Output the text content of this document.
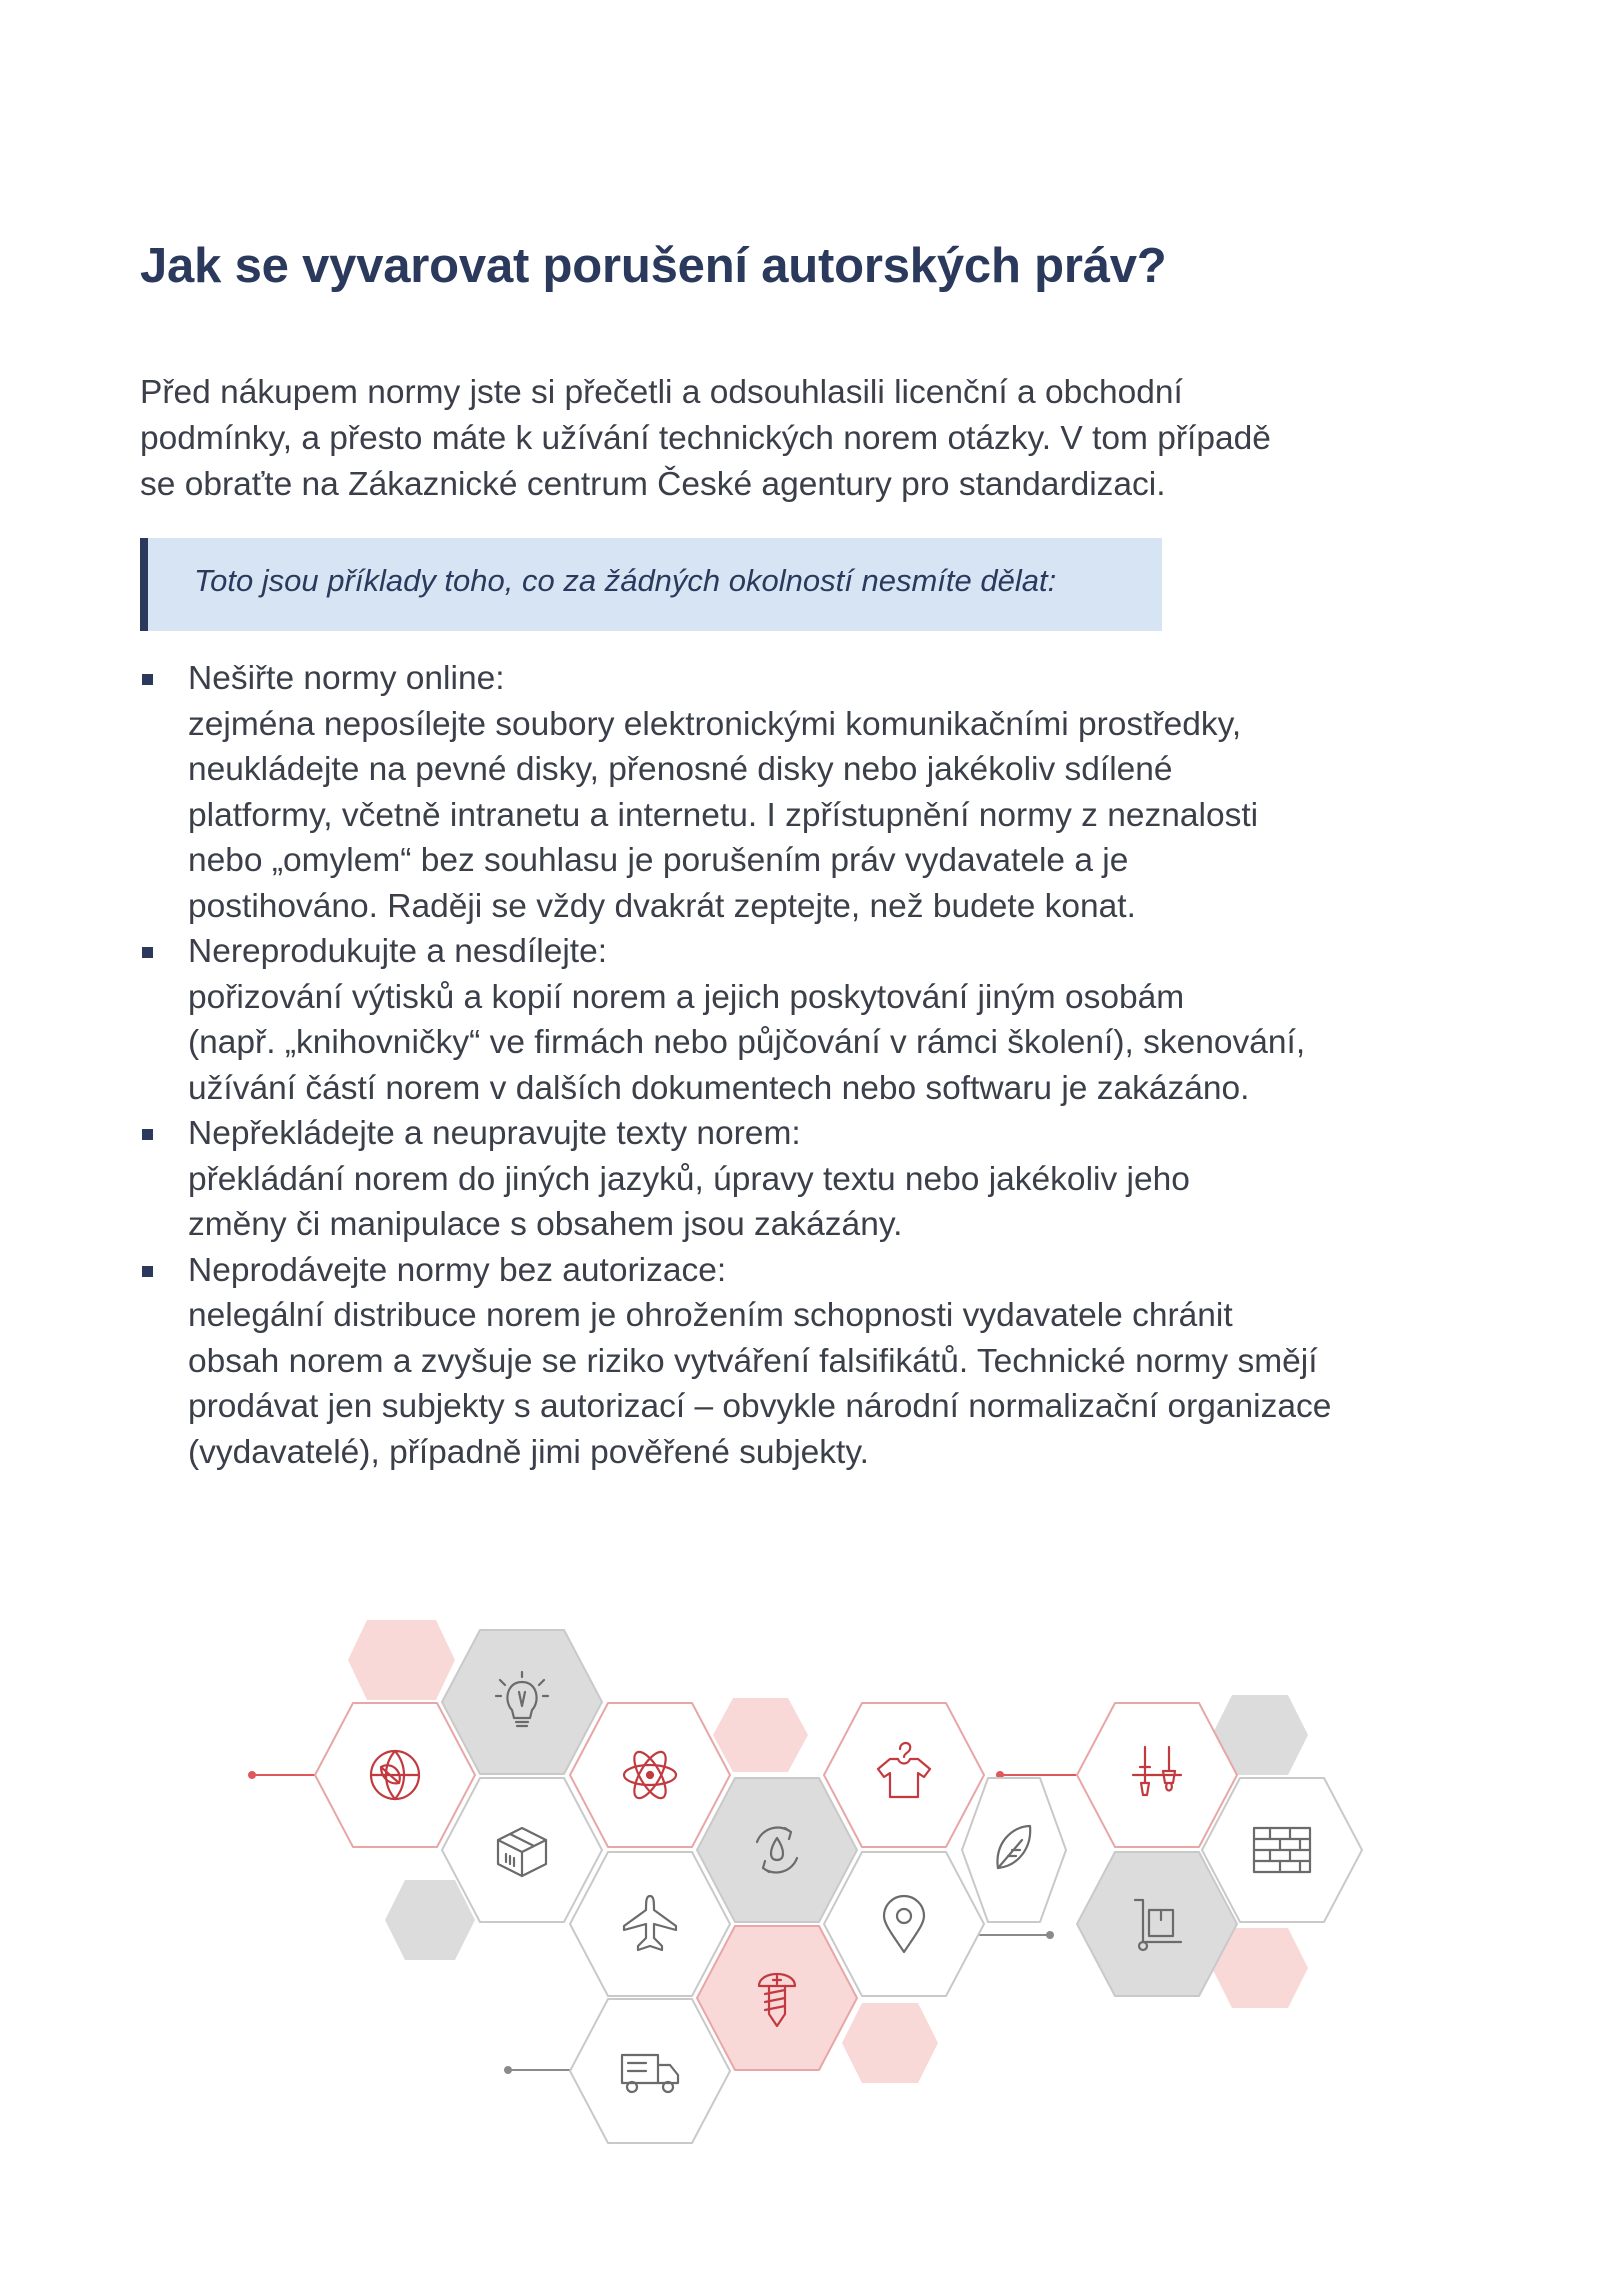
Jak se vyvarovat porušení autorských práv?

Před nákupem normy jste si přečetli a odsouhlasili licenční a obchodní
podmínky, a přesto máte k užívání technických norem otázky. V tom případě
se obraťte na Zákaznické centrum České agentury pro standardizaci.

Toto jsou příklady toho, co za žádných okolností nesmíte dělat:

Nešiřte normy online:
zejména neposílejte soubory elektronickými komunikačními prostředky,
neukládejte na pevné disky, přenosné disky nebo jakékoliv sdílené
platformy, včetně intranetu a internetu. I zpřístupnění normy z neznalosti
nebo „omylem“ bez souhlasu je porušením práv vydavatele a je
postihováno. Raději se vždy dvakrát zeptejte, než budete konat.
Nereprodukujte a nesdílejte:
pořizování výtisků a kopií norem a jejich poskytování jiným osobám
(např. „knihovničky“ ve firmách nebo půjčování v rámci školení), skenování,
užívání částí norem v dalších dokumentech nebo softwaru je zakázáno.
Nepřekládejte a neupravujte texty norem:
překládání norem do jiných jazyků, úpravy textu nebo jakékoliv jeho
změny či manipulace s obsahem jsou zakázány.
Neprodávejte normy bez autorizace:
nelegální distribuce norem je ohrožením schopnosti vydavatele chránit
obsah norem a zvyšuje se riziko vytváření falsifikátů. Technické normy smějí
prodávat jen subjekty s autorizací – obvykle národní normalizační organizace
(vydavatelé), případně jimi pověřené subjekty.
